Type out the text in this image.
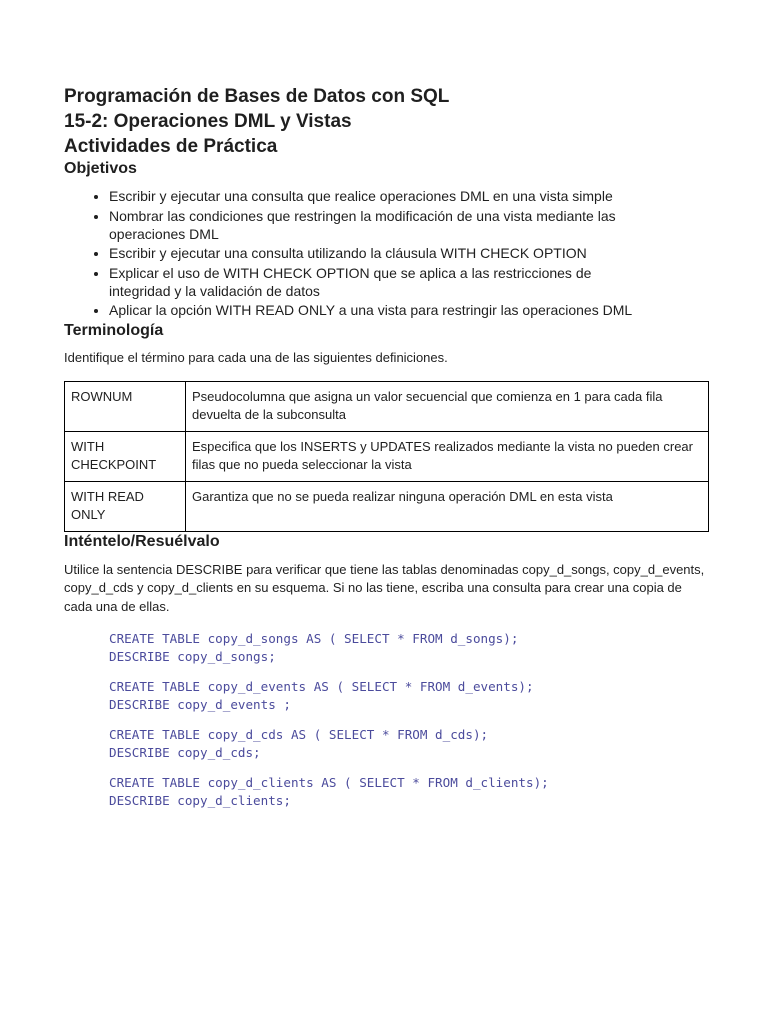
Programación de Bases de Datos con SQL
15-2: Operaciones DML y Vistas
Actividades de Práctica
Objetivos
• Escribir y ejecutar una consulta que realice operaciones DML en una vista simple
• Nombrar las condiciones que restringen la modificación de una vista mediante las operaciones DML
• Escribir y ejecutar una consulta utilizando la cláusula WITH CHECK OPTION
• Explicar el uso de WITH CHECK OPTION que se aplica a las restricciones de integridad y la validación de datos
• Aplicar la opción WITH READ ONLY a una vista para restringir las operaciones DML
Terminología

Identifique el término para cada una de las siguientes definiciones.

ROWNUM	Pseudocolumna que asigna un valor secuencial que comienza en 1 para cada fila devuelta de la subconsulta
WITH CHECKPOINT	Especifica que los INSERTS y UPDATES realizados mediante la vista no pueden crear filas que no pueda seleccionar la vista
WITH READ ONLY	Garantiza que no se pueda realizar ninguna operación DML en esta vista
Inténtelo/Resuélvalo

Utilice la sentencia DESCRIBE para verificar que tiene las tablas denominadas copy_d_songs, copy_d_events, copy_d_cds y copy_d_clients en su esquema. Si no las tiene, escriba una consulta para crear una copia de cada una de ellas.

CREATE TABLE copy_d_songs AS ( SELECT * FROM d_songs);
DESCRIBE copy_d_songs;
CREATE TABLE copy_d_events AS ( SELECT * FROM d_events);
DESCRIBE copy_d_events ;
CREATE TABLE copy_d_cds AS ( SELECT * FROM d_cds);
DESCRIBE copy_d_cds;
CREATE TABLE copy_d_clients AS ( SELECT * FROM d_clients);
DESCRIBE copy_d_clients;
